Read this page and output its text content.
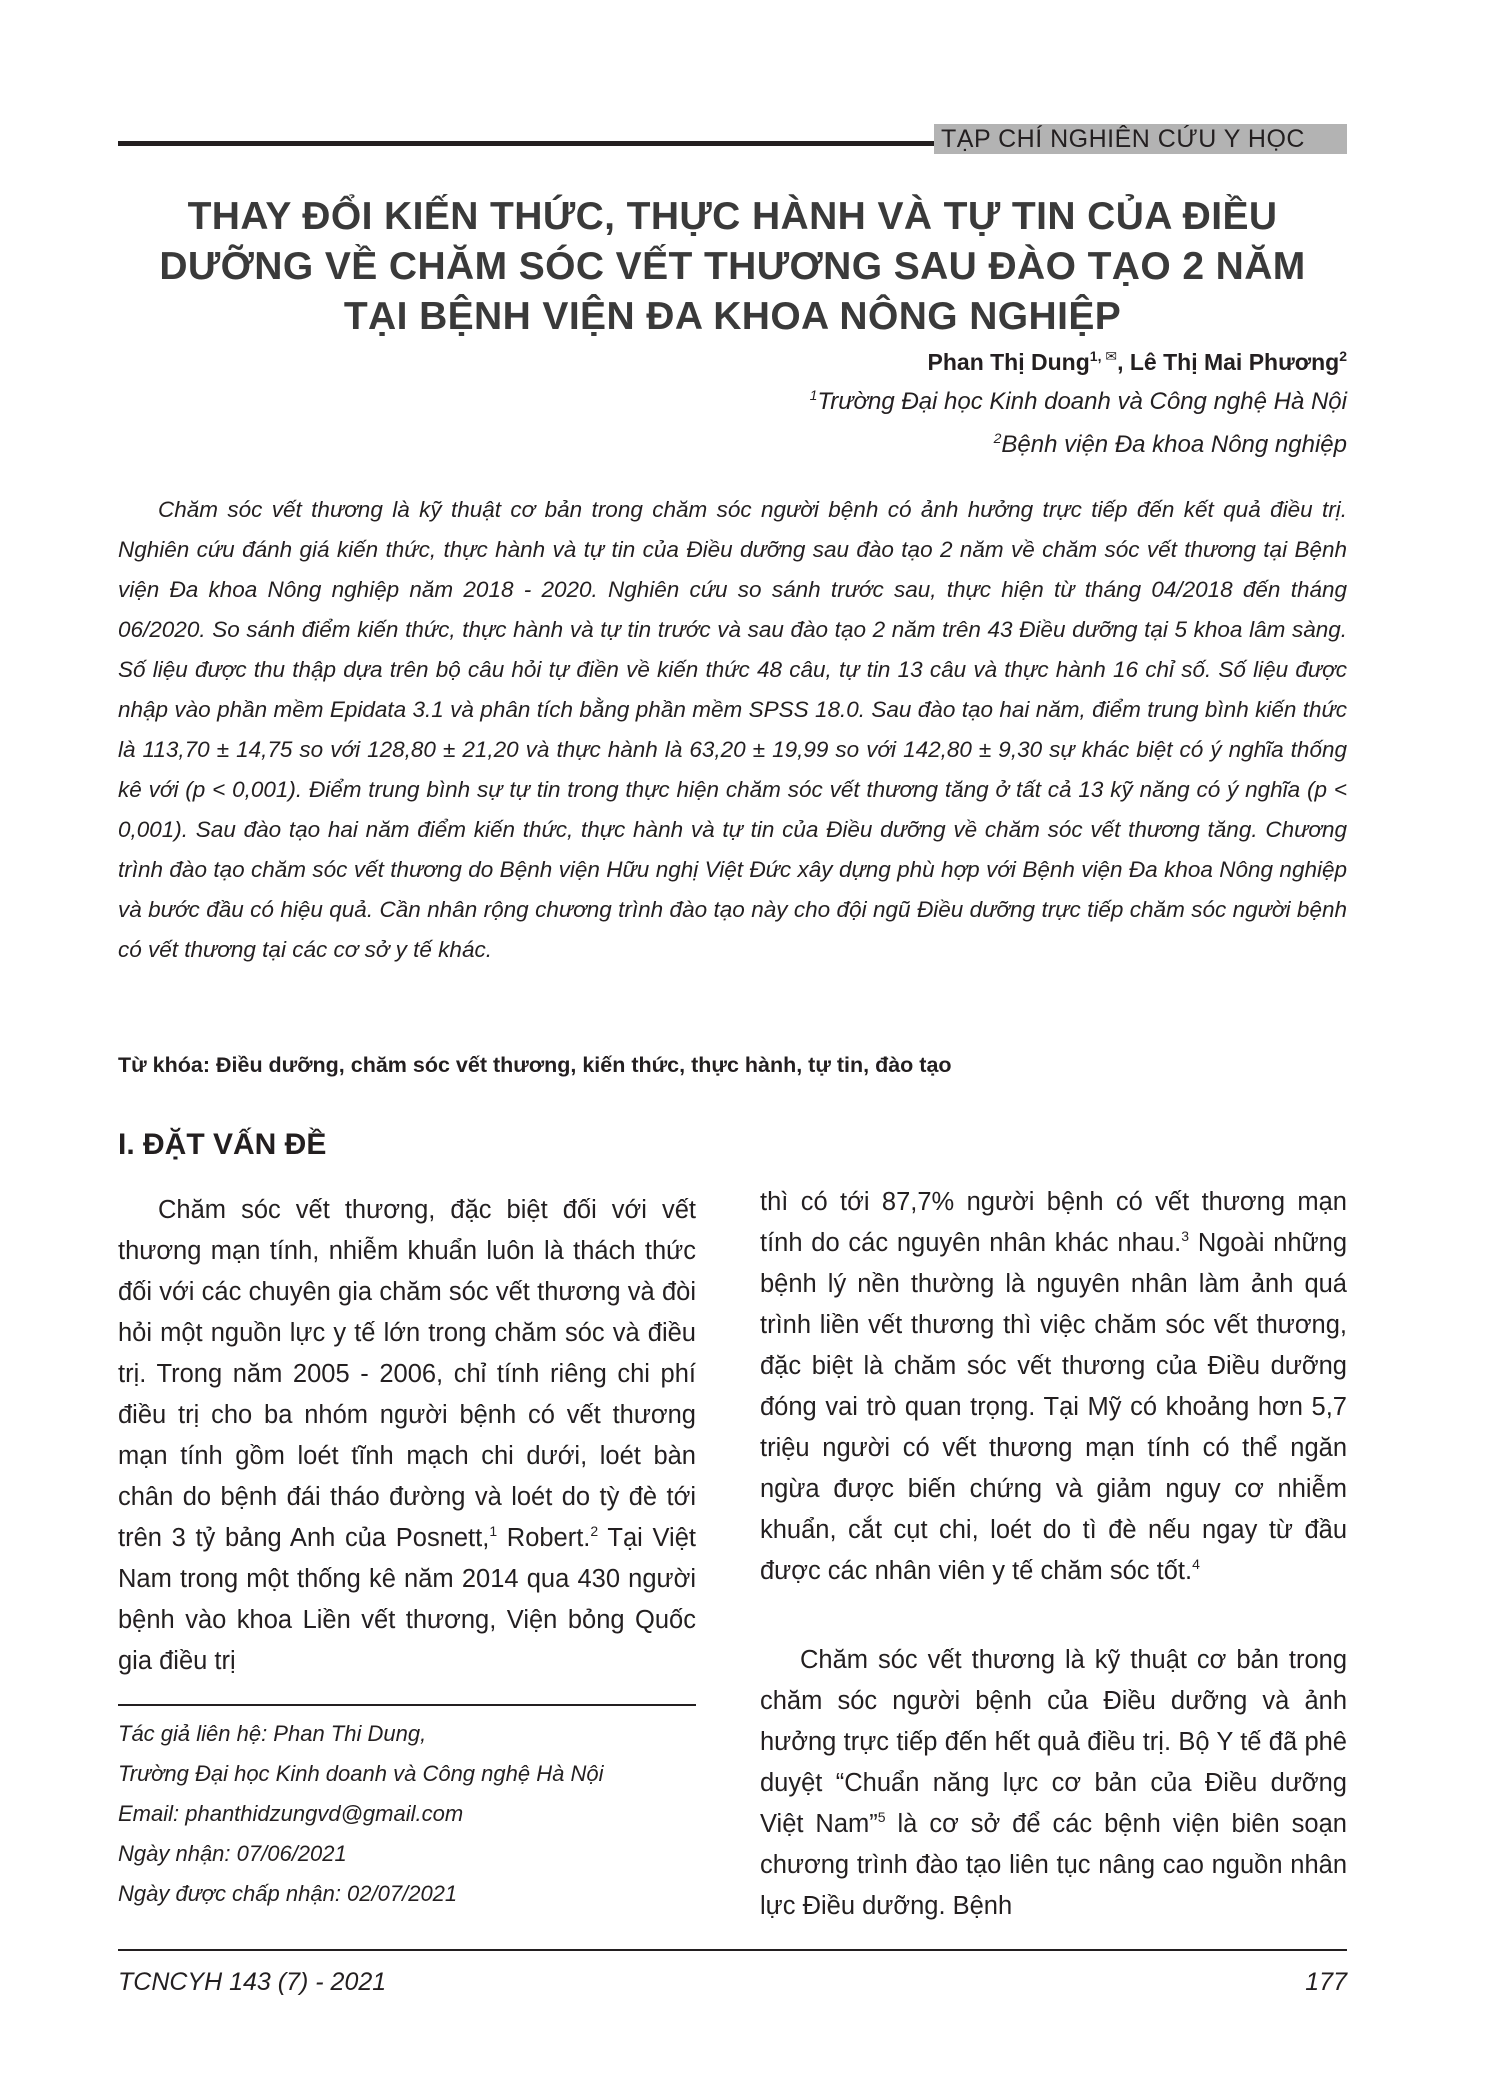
TẠP CHÍ NGHIÊN CỨU Y HỌC
THAY ĐỔI KIẾN THỨC, THỰC HÀNH VÀ TỰ TIN CỦA ĐIỀU
DƯỠNG VỀ CHĂM SÓC VẾT THƯƠNG SAU ĐÀO TẠO 2 NĂM
TẠI BỆNH VIỆN ĐA KHOA NÔNG NGHIỆP
Phan Thị Dung$^{1, ✉}$, Lê Thị Mai Phương$^2$
$^1$Trường Đại học Kinh doanh và Công nghệ Hà Nội
$^2$Bệnh viện Đa khoa Nông nghiệp

Chăm sóc vết thương là kỹ thuật cơ bản trong chăm sóc người bệnh có ảnh hưởng trực tiếp đến kết quả điều trị. Nghiên cứu đánh giá kiến thức, thực hành và tự tin của Điều dưỡng sau đào tạo 2 năm về chăm sóc vết thương tại Bệnh viện Đa khoa Nông nghiệp năm 2018 - 2020. Nghiên cứu so sánh trước sau, thực hiện từ tháng 04/2018 đến tháng 06/2020. So sánh điểm kiến thức, thực hành và tự tin trước và sau đào tạo 2 năm trên 43 Điều dưỡng tại 5 khoa lâm sàng. Số liệu được thu thập dựa trên bộ câu hỏi tự điền về kiến thức 48 câu, tự tin 13 câu và thực hành 16 chỉ số. Số liệu được nhập vào phần mềm Epidata 3.1 và phân tích bằng phần mềm SPSS 18.0. Sau đào tạo hai năm, điểm trung bình kiến thức là 113,70 ± 14,75 so với 128,80 ± 21,20 và thực hành là 63,20 ± 19,99 so với 142,80 ± 9,30 sự khác biệt có ý nghĩa thống kê với (p < 0,001). Điểm trung bình sự tự tin trong thực hiện chăm sóc vết thương tăng ở tất cả 13 kỹ năng có ý nghĩa (p < 0,001). Sau đào tạo hai năm điểm kiến thức, thực hành và tự tin của Điều dưỡng về chăm sóc vết thương tăng. Chương trình đào tạo chăm sóc vết thương do Bệnh viện Hữu nghị Việt Đức xây dựng phù hợp với Bệnh viện Đa khoa Nông nghiệp và bước đầu có hiệu quả. Cần nhân rộng chương trình đào tạo này cho đội ngũ Điều dưỡng trực tiếp chăm sóc người bệnh có vết thương tại các cơ sở y tế khác.

Từ khóa: Điều dưỡng, chăm sóc vết thương, kiến thức, thực hành, tự tin, đào tạo
I. ĐẶT VẤN ĐỀ

Chăm sóc vết thương, đặc biệt đối với vết thương mạn tính, nhiễm khuẩn luôn là thách thức đối với các chuyên gia chăm sóc vết thương và đòi hỏi một nguồn lực y tế lớn trong chăm sóc và điều trị. Trong năm 2005 - 2006, chỉ tính riêng chi phí điều trị cho ba nhóm người bệnh có vết thương mạn tính gồm loét tĩnh mạch chi dưới, loét bàn chân do bệnh đái tháo đường và loét do tỳ đè tới trên 3 tỷ bảng Anh của Posnett,$^1$ Robert.$^2$ Tại Việt Nam trong một thống kê năm 2014 qua 430 người bệnh vào khoa Liền vết thương, Viện bỏng Quốc gia điều trị

thì có tới 87,7% người bệnh có vết thương mạn tính do các nguyên nhân khác nhau.$^3$ Ngoài những bệnh lý nền thường là nguyên nhân làm ảnh quá trình liền vết thương thì việc chăm sóc vết thương, đặc biệt là chăm sóc vết thương của Điều dưỡng đóng vai trò quan trọng. Tại Mỹ có khoảng hơn 5,7 triệu người có vết thương mạn tính có thể ngăn ngừa được biến chứng và giảm nguy cơ nhiễm khuẩn, cắt cụt chi, loét do tì đè nếu ngay từ đầu được các nhân viên y tế chăm sóc tốt.$^4$

Chăm sóc vết thương là kỹ thuật cơ bản trong chăm sóc người bệnh của Điều dưỡng và ảnh hưởng trực tiếp đến hết quả điều trị. Bộ Y tế đã phê duyệt “Chuẩn năng lực cơ bản của Điều dưỡng Việt Nam”$^5$ là cơ sở để các bệnh viện biên soạn chương trình đào tạo liên tục nâng cao nguồn nhân lực Điều dưỡng. Bệnh

Tác giả liên hệ: Phan Thi Dung,
Trường Đại học Kinh doanh và Công nghệ Hà Nội
Email: phanthidzungvd@gmail.com
Ngày nhận: 07/06/2021
Ngày được chấp nhận: 02/07/2021
TCNCYH 143 (7) - 2021	177
